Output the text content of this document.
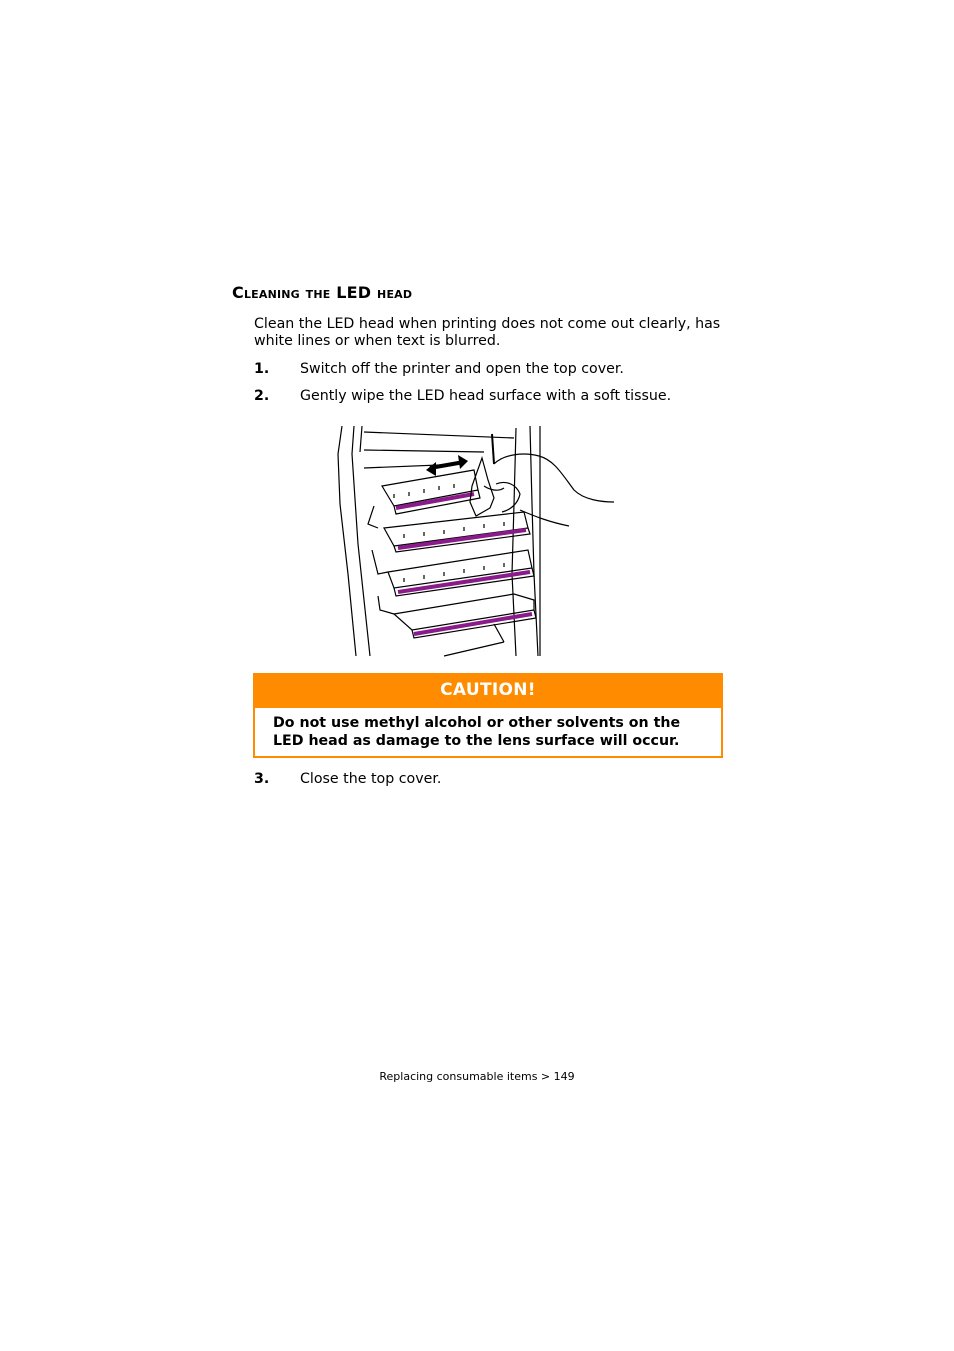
Cleaning the LED head

Clean the LED head when printing does not come out clearly, has white lines or when text is blurred.

1. Switch off the printer and open the top cover.
2. Gently wipe the LED head surface with a soft tissue.
CAUTION!
Do not use methyl alcohol or other solvents on the LED head as damage to the lens surface will occur.
3. Close the top cover.
Replacing consumable items > 149
